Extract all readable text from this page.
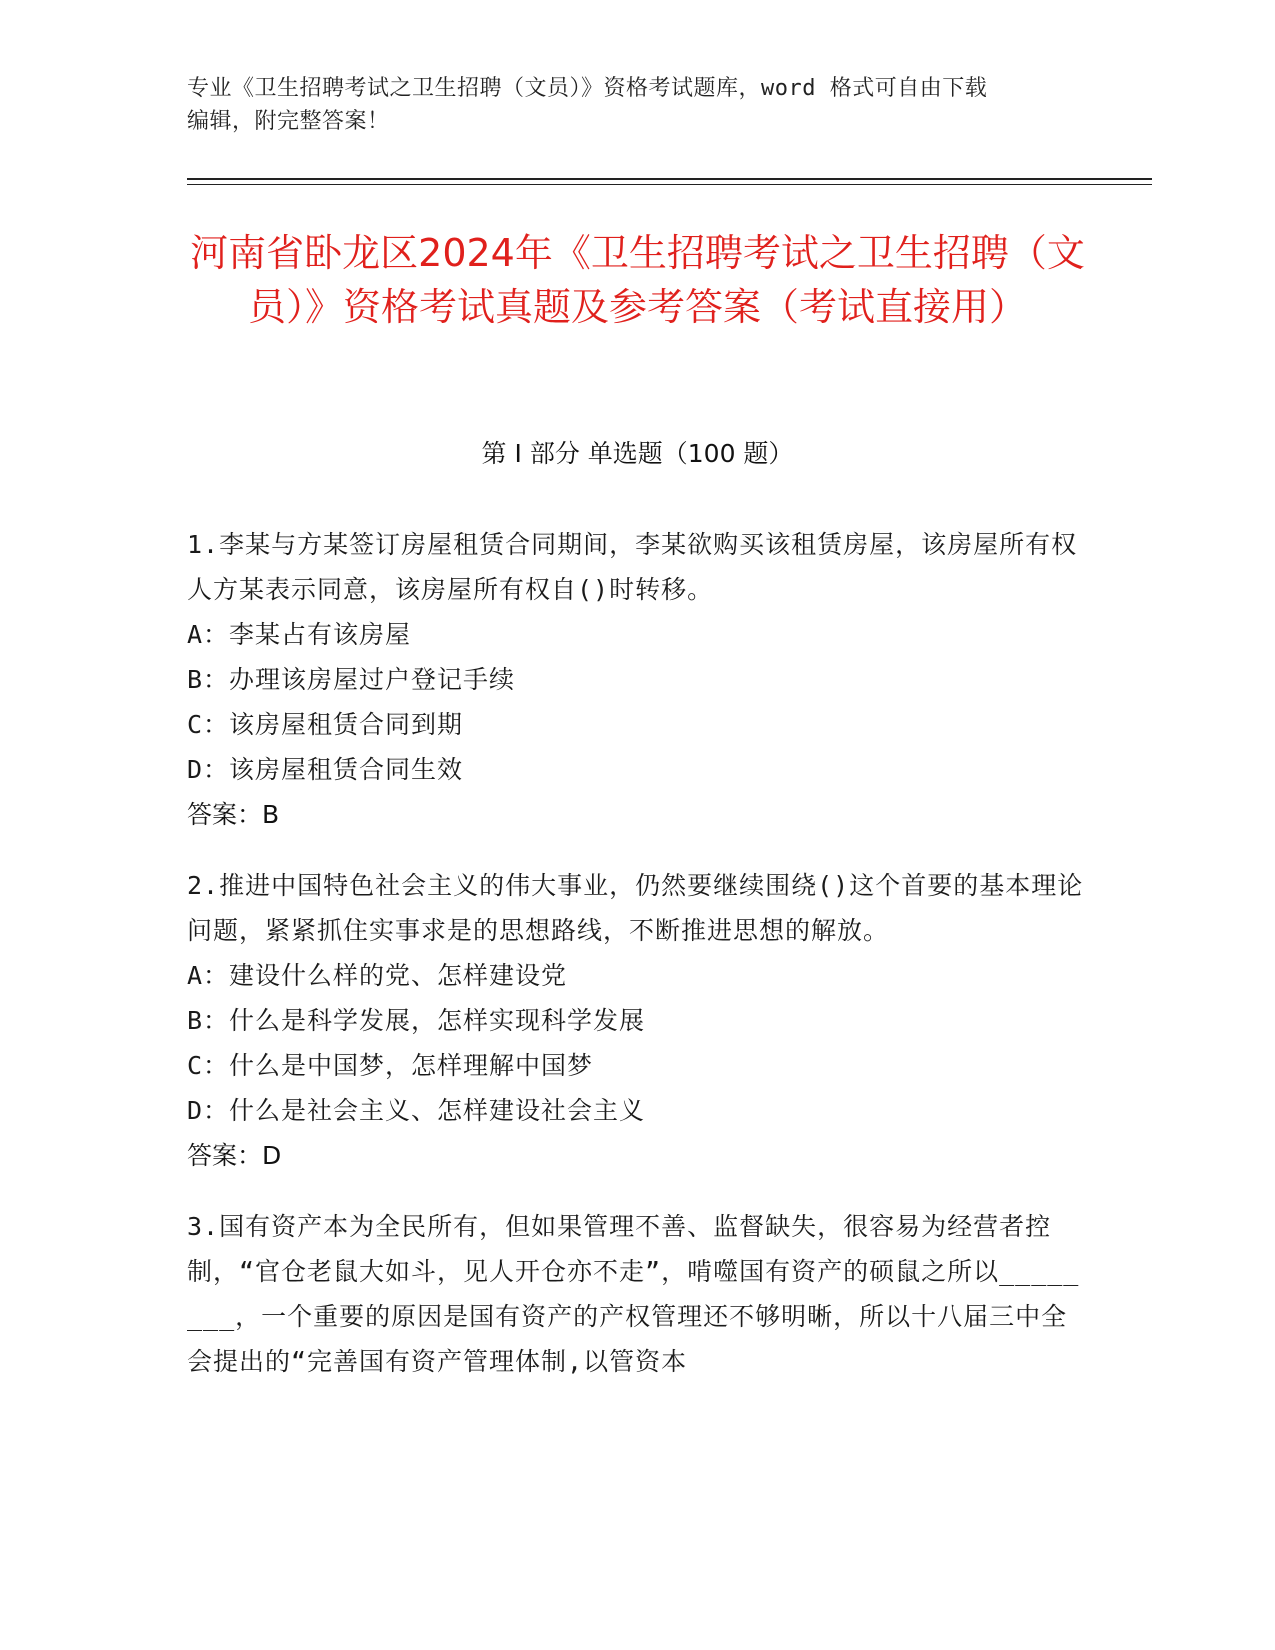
专业《卫生招聘考试之卫生招聘（文员）》资格考试题库，word 格式可自由下载
编辑，附完整答案！
河南省卧龙区2024年《卫生招聘考试之卫生招聘（文员）》资格考试真题及参考答案（考试直接用）
第 I 部分 单选题（100 题）

1.李某与方某签订房屋租赁合同期间，李某欲购买该租赁房屋，该房屋所有权人方某表示同意，该房屋所有权自()时转移。

A：李某占有该房屋

B：办理该房屋过户登记手续

C：该房屋租赁合同到期

D：该房屋租赁合同生效

答案：B

2.推进中国特色社会主义的伟大事业，仍然要继续围绕()这个首要的基本理论问题，紧紧抓住实事求是的思想路线，不断推进思想的解放。

A：建设什么样的党、怎样建设党

B：什么是科学发展，怎样实现科学发展

C：什么是中国梦，怎样理解中国梦

D：什么是社会主义、怎样建设社会主义

答案：D

3.国有资产本为全民所有，但如果管理不善、监督缺失，很容易为经营者控制，“官仓老鼠大如斗，见人开仓亦不走”，啃噬国有资产的硕鼠之所以________，一个重要的原因是国有资产的产权管理还不够明晰，所以十八届三中全会提出的“完善国有资产管理体制,以管资本
